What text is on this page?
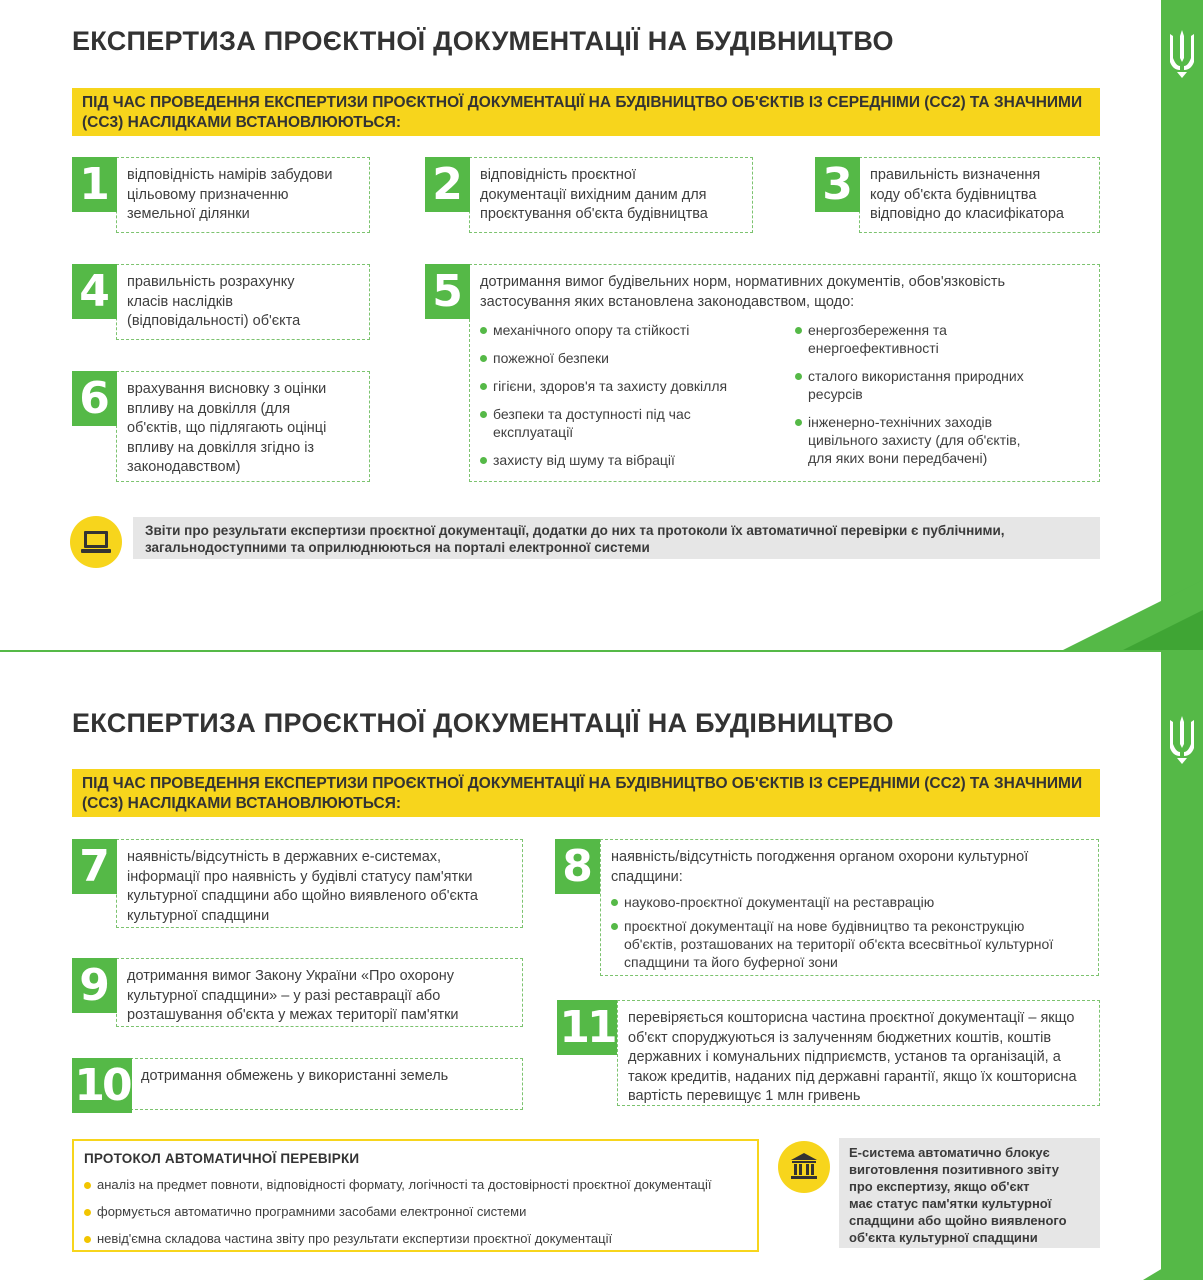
ЕКСПЕРТИЗА ПРОЄКТНОЇ ДОКУМЕНТАЦІЇ НА БУДІВНИЦТВО
ПІД ЧАС ПРОВЕДЕННЯ ЕКСПЕРТИЗИ ПРОЄКТНОЇ ДОКУМЕНТАЦІЇ НА БУДІВНИЦТВО ОБ'ЄКТІВ ІЗ СЕРЕДНІМИ (СС2) ТА ЗНАЧНИМИ (СС3) НАСЛІДКАМИ ВСТАНОВЛЮЮТЬСЯ:
відповідність намірів забудови
цільовому призначенню
земельної ділянки
1	відповідність проєктної
документації вихідним даним для
проєктування об'єкта будівництва
2	правильність визначення
коду об'єкта будівництва
відповідно до класифікатора
3
правильність розрахунку
класів наслідків
(відповідальності) об'єкта
4	дотримання вимог будівельних норм, нормативних документів, обов'язковість
застосування яких встановлена законодавством, щодо:
механічного опору та стійкості
пожежної безпеки
гігієни, здоров'я та захисту довкілля
безпеки та доступності під час
експлуатації
захисту від шуму та вібрації
енергозбереження та
енергоефективності
сталого використання природних
ресурсів
інженерно-технічних заходів
цивільного захисту (для об'єктів,
для яких вони передбачені)
5
врахування висновку з оцінки
впливу на довкілля (для
об'єктів, що підлягають оцінці
впливу на довкілля згідно із
законодавством)
6
Звіти про результати експертизи проєктної документації, додатки до них та протоколи їх автоматичної перевірки є публічними,
загальнодоступними та оприлюднюються на порталі електронної системи
ЕКСПЕРТИЗА ПРОЄКТНОЇ ДОКУМЕНТАЦІЇ НА БУДІВНИЦТВО
ПІД ЧАС ПРОВЕДЕННЯ ЕКСПЕРТИЗИ ПРОЄКТНОЇ ДОКУМЕНТАЦІЇ НА БУДІВНИЦТВО ОБ'ЄКТІВ ІЗ СЕРЕДНІМИ (СС2) ТА ЗНАЧНИМИ (СС3) НАСЛІДКАМИ ВСТАНОВЛЮЮТЬСЯ:
наявність/відсутність в державних е-системах,
інформації про наявність у будівлі статусу пам'ятки
культурної спадщини або щойно виявленого об'єкта
культурної спадщини
7	наявність/відсутність погодження органом охорони культурної
спадщини:
науково-проєктної документації на реставрацію
проєктної документації на нове будівництво та реконструкцію
об'єктів, розташованих на території об'єкта всесвітньої культурної
спадщини та його буферної зони
8
дотримання вимог Закону України «Про охорону
культурної спадщини» – у разі реставрації або
розташування об'єкта у межах території пам'ятки
9
дотримання обмежень у використанні земель
10
перевіряється кошторисна частина проєктної документації – якщо
об'єкт споруджуються із залученням бюджетних коштів, коштів
державних і комунальних підприємств, установ та організацій, а
також кредитів, наданих під державні гарантії, якщо їх кошторисна
вартість перевищує 1 млн гривень
11
ПРОТОКОЛ АВТОМАТИЧНОЇ ПЕРЕВІРКИ
аналіз на предмет повноти, відповідності формату, логічності та достовірності проєктної документації
формується автоматично програмними засобами електронної системи
невід'ємна складова частина звіту про результати експертизи проєктної документації
Е-система автоматично блокує
виготовлення позитивного звіту
про експертизу, якщо об'єкт
має статус пам'ятки культурної
спадщини або щойно виявленого
об'єкта культурної спадщини
